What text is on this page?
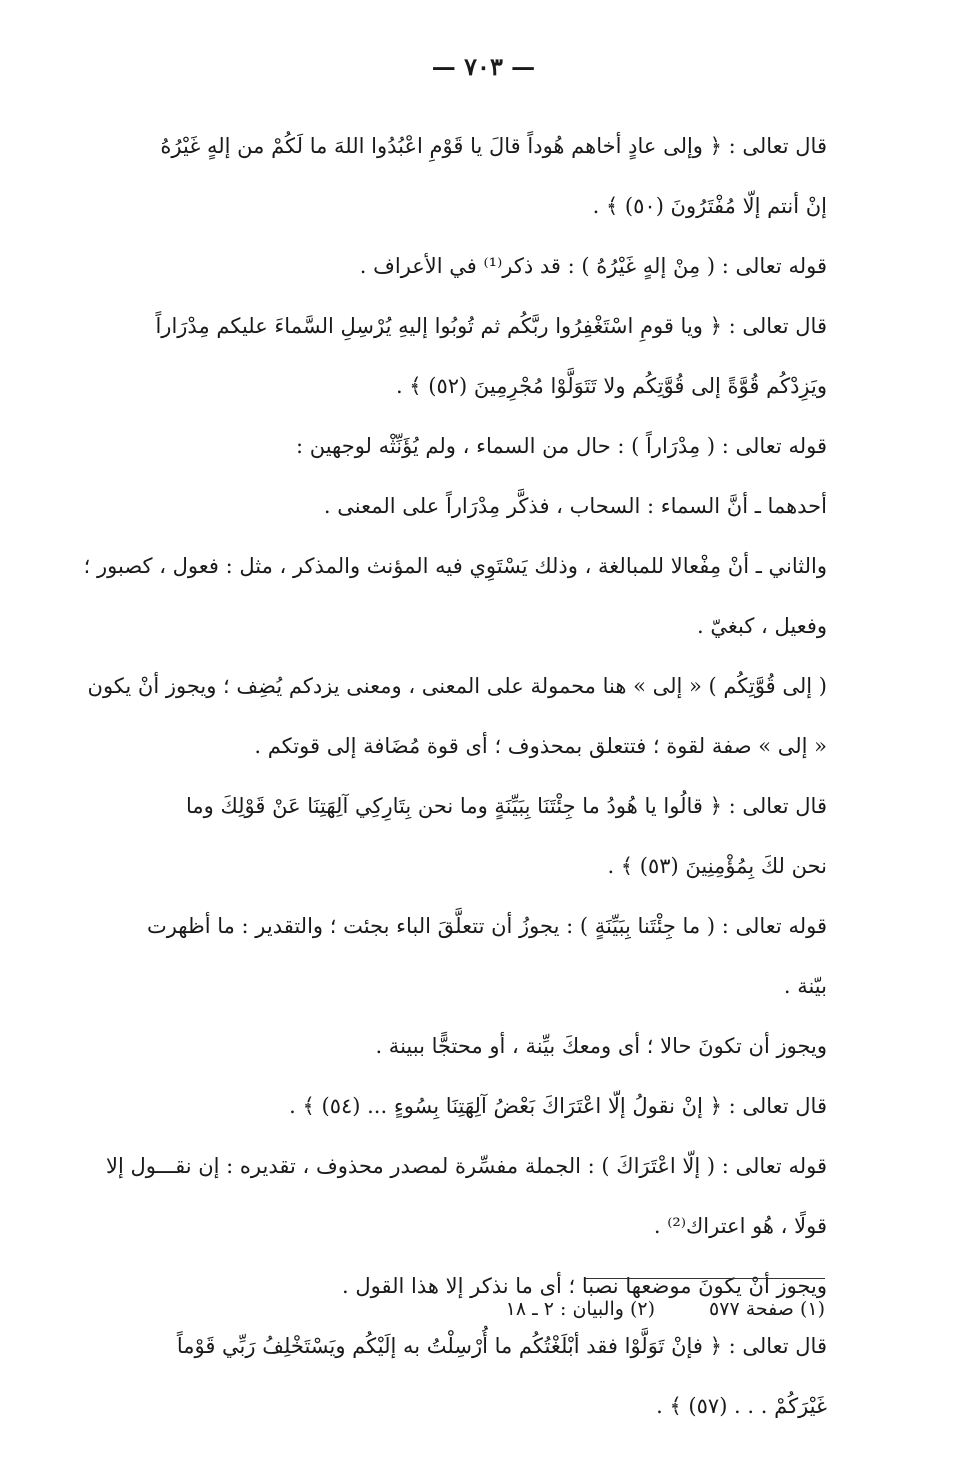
— ٧٠٣ —

قال تعالى : ﴿ وإلى عادٍ أخاهم هُوداً قالَ يا قَوْمِ اعْبُدُوا اللهَ ما لَكُمْ من إلهٍ غَيْرُهُ

إنْ أنتم إلّا مُفْتَرُونَ (٥٠) ﴾ .

قوله تعالى : ( مِنْ إلهٍ غَيْرُهُ ) : قد ذكر⁽¹⁾ في الأعراف .

قال تعالى : ﴿ ويا قومِ اسْتَغْفِرُوا ربَّكُم ثم تُوبُوا إليهِ يُرْسِلِ السَّماءَ عليكم مِدْرَاراً

ويَزِدْكُم قُوَّةً إلى قُوَّتِكُم ولا تَتَوَلَّوْا مُجْرِمِينَ (٥٢) ﴾ .

قوله تعالى : ( مِدْرَاراً ) : حال من السماء ، ولم يُؤَنِّثْه لوجهين :

أحدهما ـ أنَّ السماء : السحاب ، فذكَّر مِدْرَاراً على المعنى .

والثاني ـ أنْ مِفْعالا للمبالغة ، وذلك يَسْتَوِي فيه المؤنث والمذكر ، مثل : فعول ، كصبور ؛

وفعيل ، كبغيّ .

( إلى قُوَّتِكُم ) « إلى » هنا محمولة على المعنى ، ومعنى يزدكم يُضِف ؛ ويجوز أنْ يكون

« إلى » صفة لقوة ؛ فتتعلق بمحذوف ؛ أى قوة مُضَافة إلى قوتكم .

قال تعالى : ﴿ قالُوا يا هُودُ ما جِئْتَنَا بِبَيِّنَةٍ وما نحن بِتَارِكِي آلِهَتِنَا عَنْ قَوْلِكَ وما

نحن لكَ بِمُؤْمِنِينَ (٥٣) ﴾ .

قوله تعالى : ( ما جِئْتَنا بِبَيِّنَةٍ ) : يجوزُ أن تتعلَّقَ الباء بجئت ؛ والتقدير : ما أظهرت

بيّنة .

ويجوز أن تكونَ حالا ؛ أى ومعكَ بيِّنة ، أو محتجًّا ببينة .

قال تعالى : ﴿ إنْ نقولُ إلّا اعْتَرَاكَ بَعْضُ آلِهَتِنَا بِسُوءٍ ... (٥٤) ﴾ .

قوله تعالى : ( إلّا اعْتَرَاكَ ) : الجملة مفسِّرة لمصدر محذوف ، تقديره : إن نقـــول إلا

قولًا ، هُو اعتراك⁽²⁾ .

ويجوز أنْ يكونَ موضعها نصبا ؛ أى ما نذكر إلا هذا القول .

قال تعالى : ﴿ فإنْ تَوَلَّوْا فقد أبْلَغْتُكُم ما أُرْسِلْتُ به إلَيْكُم ويَسْتَخْلِفُ رَبِّي قَوْماً

غَيْرَكُمْ . . . (٥٧) ﴾ .

(١) صفحة ٥٧٧ (٢) والبيان : ٢ ـ ١٨
